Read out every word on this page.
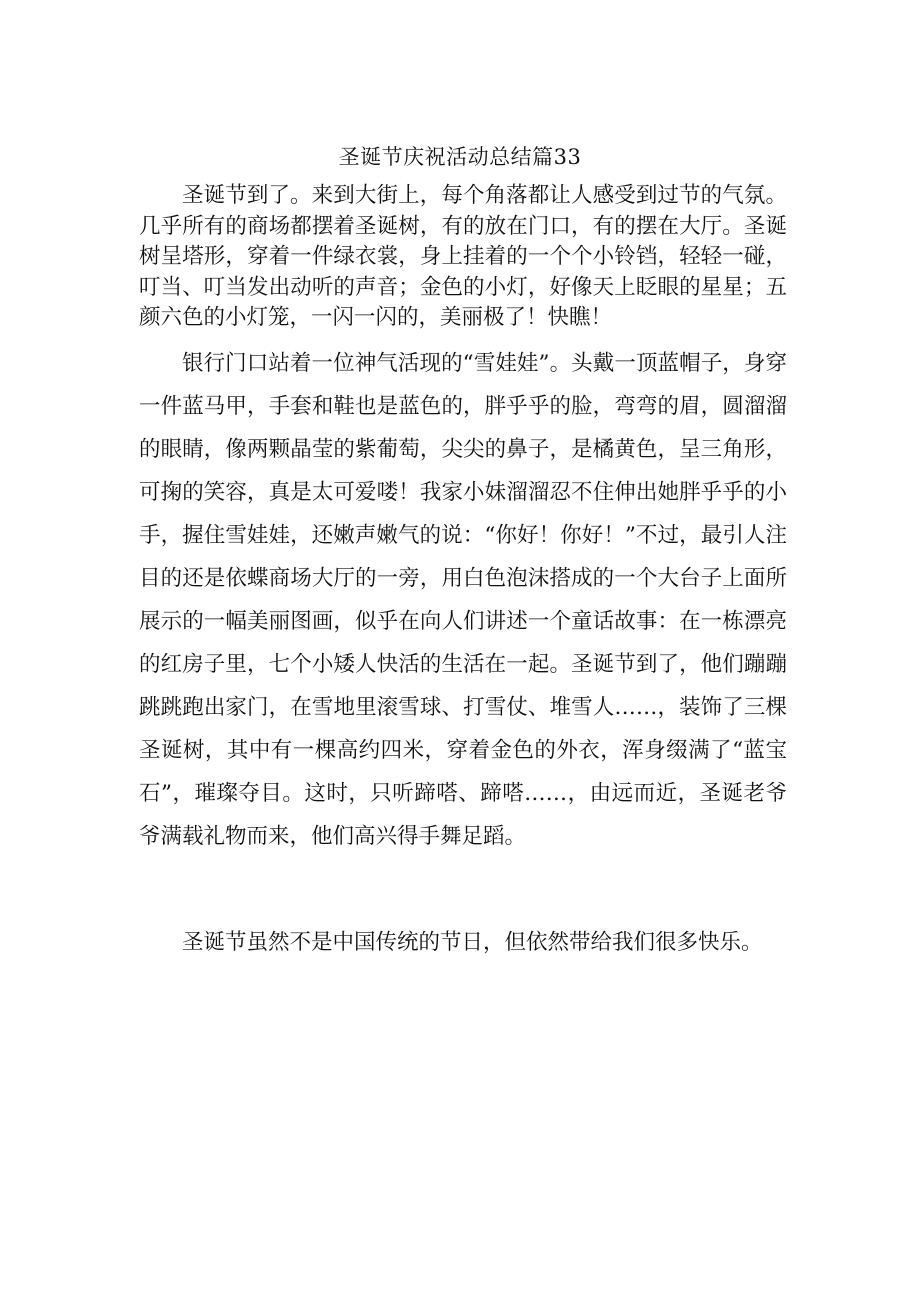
圣诞节庆祝活动总结篇33

圣诞节到了。来到大街上，每个角落都让人感受到过节的气氛。几乎所有的商场都摆着圣诞树，有的放在门口，有的摆在大厅。圣诞树呈塔形，穿着一件绿衣裳，身上挂着的一个个小铃铛，轻轻一碰，叮当、叮当发出动听的声音；金色的小灯，好像天上眨眼的星星；五颜六色的小灯笼，一闪一闪的，美丽极了！快瞧！

银行门口站着一位神气活现的“雪娃娃”。头戴一顶蓝帽子，身穿一件蓝马甲，手套和鞋也是蓝色的，胖乎乎的脸，弯弯的眉，圆溜溜的眼睛，像两颗晶莹的紫葡萄，尖尖的鼻子，是橘黄色，呈三角形，可掬的笑容，真是太可爱喽！我家小妹溜溜忍不住伸出她胖乎乎的小手，握住雪娃娃，还嫩声嫩气的说：“你好！你好！”不过，最引人注目的还是依蝶商场大厅的一旁，用白色泡沫搭成的一个大台子上面所展示的一幅美丽图画，似乎在向人们讲述一个童话故事：在一栋漂亮的红房子里，七个小矮人快活的生活在一起。圣诞节到了，他们蹦蹦跳跳跑出家门，在雪地里滚雪球、打雪仗、堆雪人……，装饰了三棵圣诞树，其中有一棵高约四米，穿着金色的外衣，浑身缀满了“蓝宝石”，璀璨夺目。这时，只听蹄嗒、蹄嗒……，由远而近，圣诞老爷爷满载礼物而来，他们高兴得手舞足蹈。

圣诞节虽然不是中国传统的节日，但依然带给我们很多快乐。
